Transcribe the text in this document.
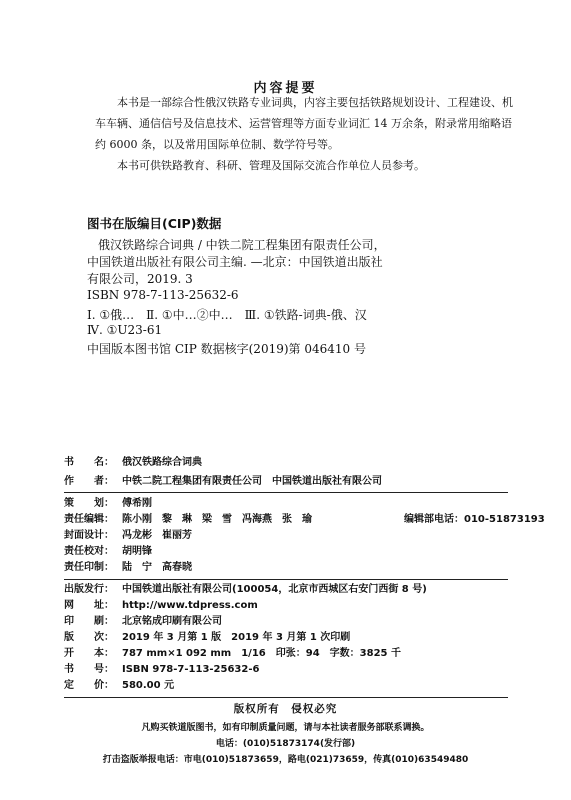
内容提要
本书是一部综合性俄汉铁路专业词典，内容主要包括铁路规划设计、工程建设、机
车车辆、通信信号及信息技术、运营管理等方面专业词汇 14 万余条，附录常用缩略语
约 6000 条，以及常用国际单位制、数学符号等。
本书可供铁路教育、科研、管理及国际交流合作单位人员参考。
图书在版编目(CIP)数据
俄汉铁路综合词典 / 中铁二院工程集团有限责任公司，
中国铁道出版社有限公司主编. —北京：中国铁道出版社
有限公司，2019. 3
ISBN 978-7-113-25632-6
Ⅰ. ①俄…　Ⅱ. ①中…②中…　Ⅲ. ①铁路-词典-俄、汉
Ⅳ. ①U23-61
中国版本图书馆 CIP 数据核字(2019)第 046410 号
书　　名： 俄汉铁路综合词典
作　　者： 中铁二院工程集团有限责任公司　中国铁道出版社有限公司
策　　划： 傅希刚
责任编辑： 陈小刚　黎　琳　梁　雪　冯海燕　张　瑜	编辑部电话：010-51873193
封面设计： 冯龙彬　崔丽芳
责任校对： 胡明锋
责任印制： 陆　宁　高春晓
出版发行： 中国铁道出版社有限公司(100054，北京市西城区右安门西街 8 号)
网　　址： http://www.tdpress.com
印　　刷： 北京铭成印刷有限公司
版　　次： 2019 年 3 月第 1 版　2019 年 3 月第 1 次印刷
开　　本： 787 mm×1 092 mm　1/16　印张：94　字数：3825 千
书　　号： ISBN 978-7-113-25632-6
定　　价： 580.00 元
版权所有　侵权必究
凡购买铁道版图书，如有印制质量问题，请与本社读者服务部联系调换。
电话：(010)51873174(发行部)
打击盗版举报电话：市电(010)51873659，路电(021)73659，传真(010)63549480
